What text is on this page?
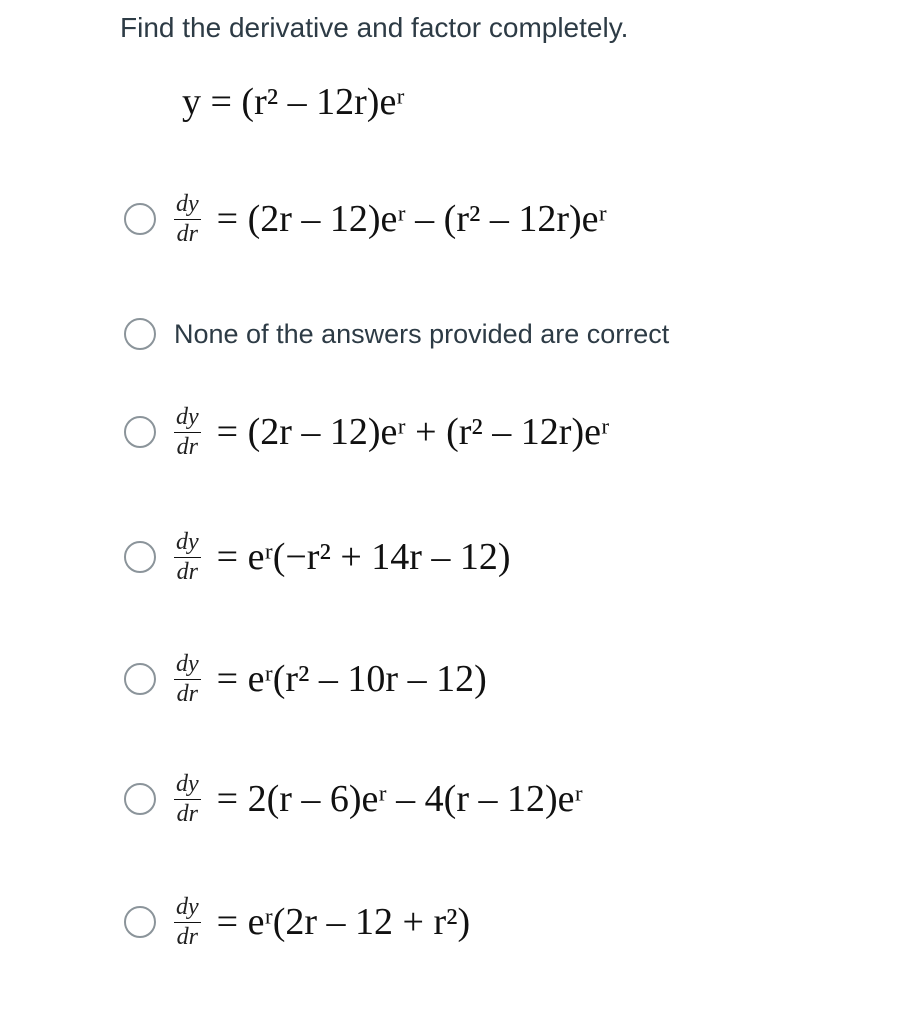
Find the derivative and factor completely.
y = (r² – 12r)eʳ
$\frac{dy}{dr} = (2r$ – 12)eʳ – (r² – 12r)eʳ
None of the answers provided are correct
$\frac{dy}{dr} = (2r$ – 12)eʳ + (r² – 12r)eʳ
$\frac{dy}{dr}$ = eʳ(−r² + 14r – 12)
$\frac{dy}{dr}$ = eʳ(r² – 10r – 12)
$\frac{dy}{dr} = 2(r$ – 6)eʳ – 4(r – 12)eʳ
$\frac{dy}{dr}$ = eʳ(2r – 12 + r²)
